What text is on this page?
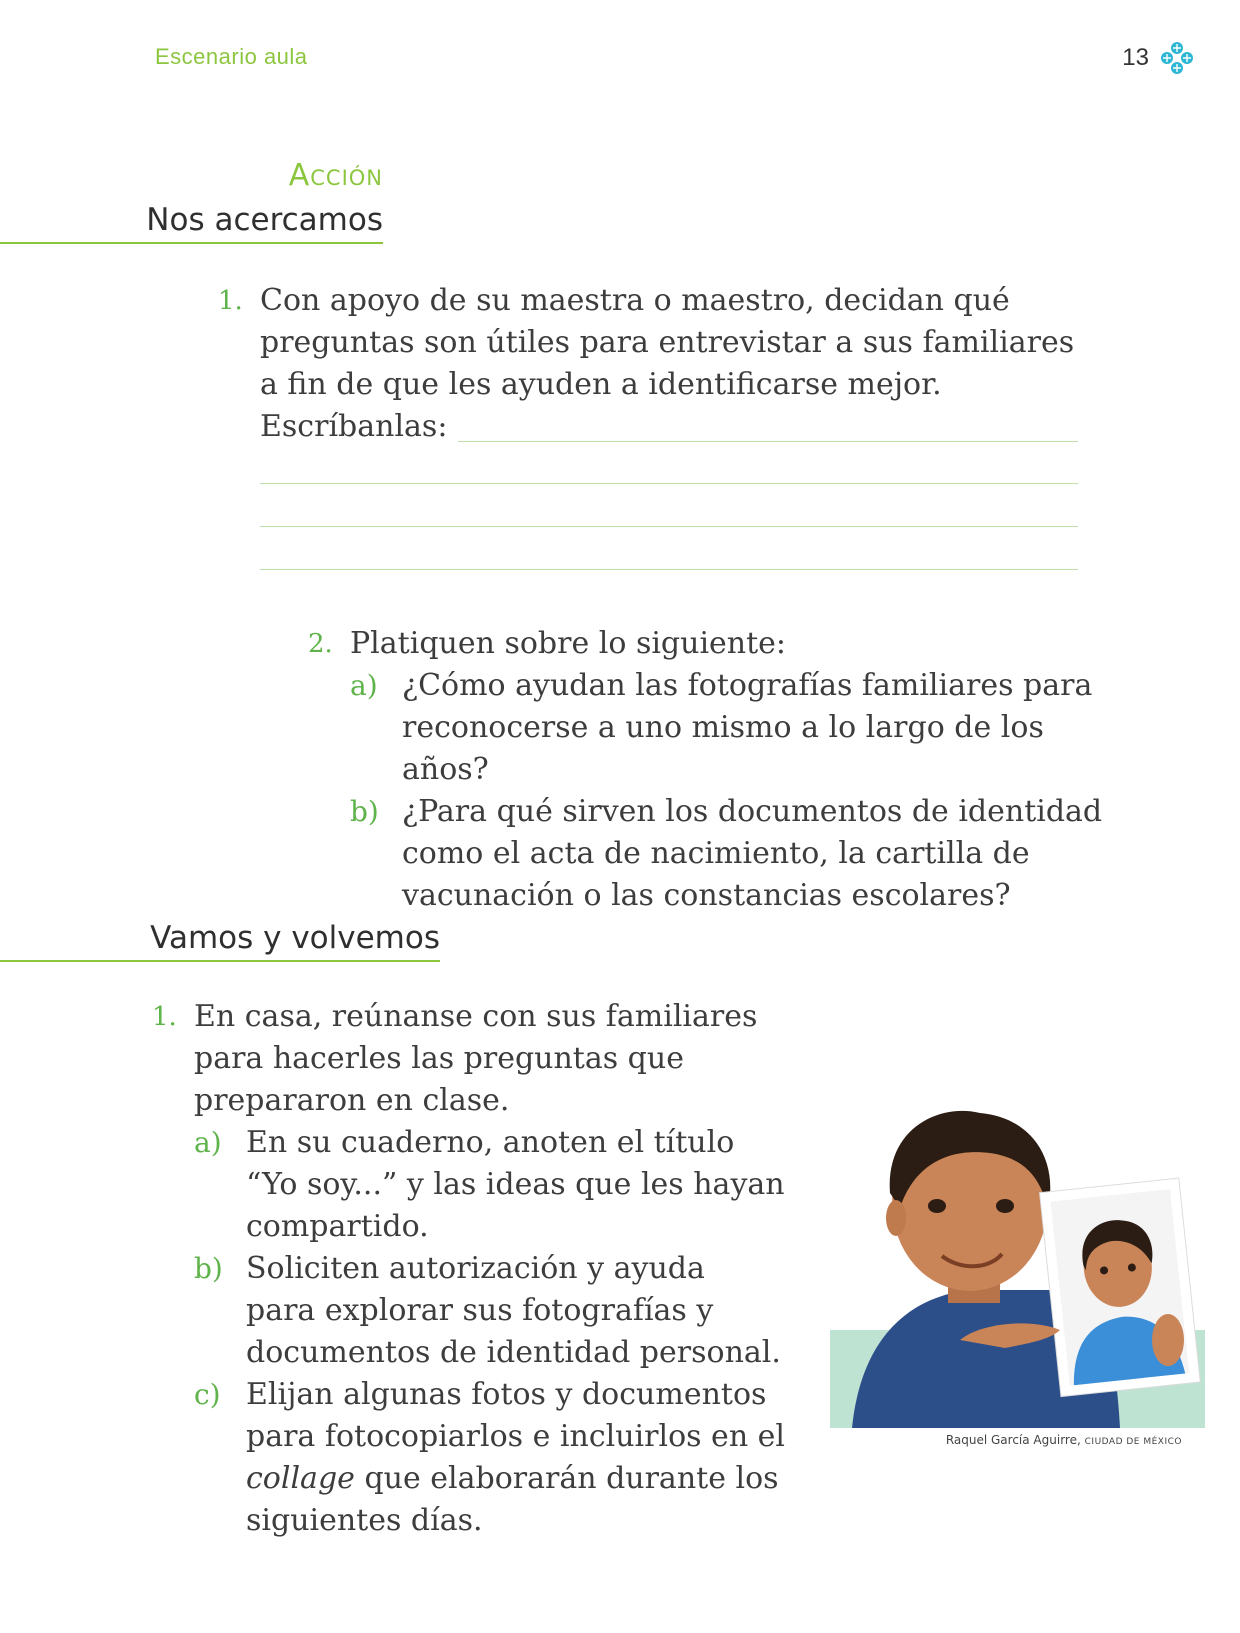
Escenario aula	13
Acción
Nos acercamos
1. Con apoyo de su maestra o maestro, decidan qué
preguntas son útiles para entrevistar a sus familiares
a fin de que les ayuden a identificarse mejor.
Escríbanlas:
2. Platiquen sobre lo siguiente:
a) ¿Cómo ayudan las fotografías familiares para
reconocerse a uno mismo a lo largo de los años?
b) ¿Para qué sirven los documentos de identidad
como el acta de nacimiento, la cartilla de
vacunación o las constancias escolares?
Vamos y volvemos
1. En casa, reúnanse con sus familiares
para hacerles las preguntas que
prepararon en clase.
a) En su cuaderno, anoten el título
“Yo soy...” y las ideas que les hayan
compartido.
b) Soliciten autorización y ayuda
para explorar sus fotografías y
documentos de identidad personal.
c) Elijan algunas fotos y documentos
para fotocopiarlos e incluirlos en el
collage que elaborarán durante los
siguientes días.
Raquel García Aguirre, CIUDAD DE MÉXICO
